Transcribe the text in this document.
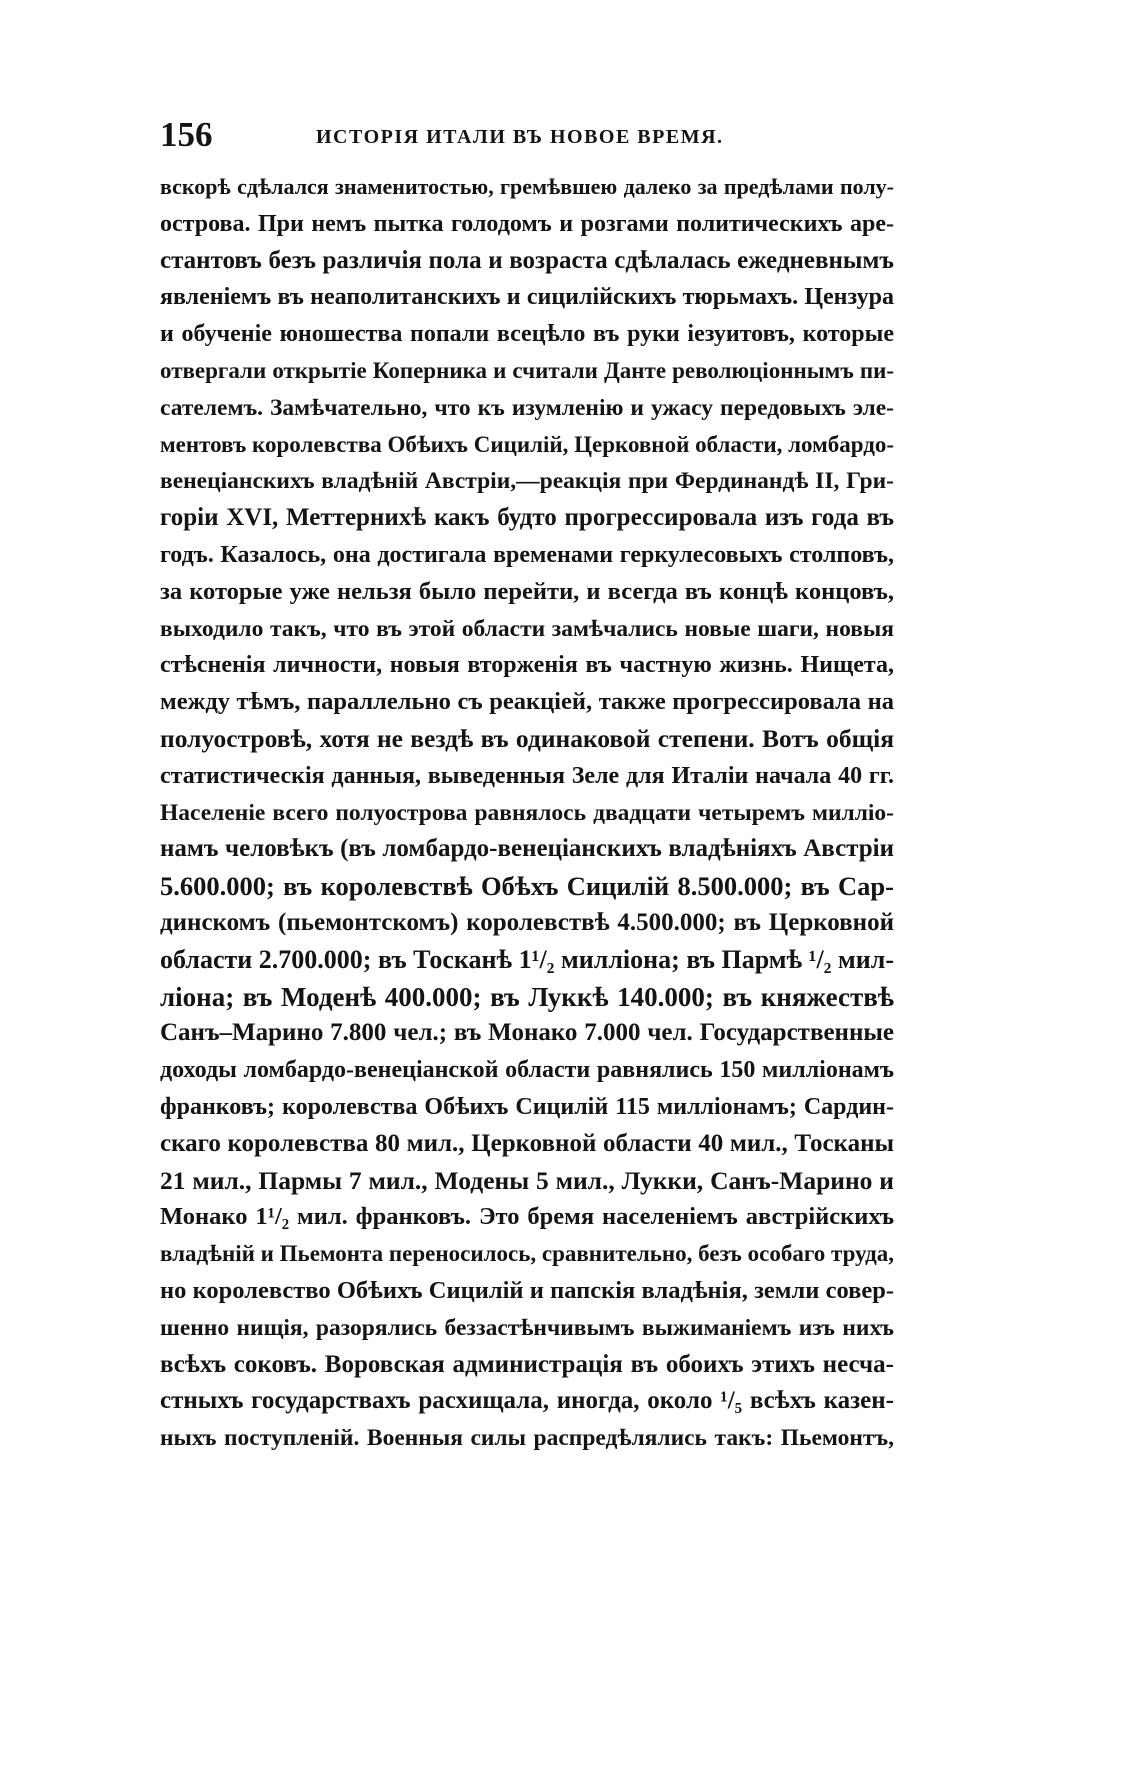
156	ИСТОРІЯ ИТАЛИ ВЪ НОВОЕ ВРЕМЯ.
вскорѣ сдѣлался знаменитостью, гремѣвшею далеко за предѣлами полу-
острова. При немъ пытка голодомъ и розгами политическихъ аре-
стантовъ безъ различія пола и возраста сдѣлалась ежедневнымъ
явленіемъ въ неаполитанскихъ и сицилійскихъ тюрьмахъ. Цензура
и обученіе юношества попали всецѣло въ руки іезуитовъ, которые
отвергали открытіе Коперника и считали Данте революціоннымъ пи-
сателемъ. Замѣчательно, что къ изумленію и ужасу передовыхъ эле-
ментовъ королевства Обѣихъ Сицилій, Церковной области, ломбардо-
венеціанскихъ владѣній Австріи,—реакція при Фердинандѣ II, Гри-
горіи XVI, Меттернихѣ какъ будто прогрессировала изъ года въ
годъ. Казалось, она достигала временами геркулесовыхъ столповъ,
за которые уже нельзя было перейти, и всегда въ концѣ концовъ,
выходило такъ, что въ этой области замѣчались новые шаги, новыя
стѣсненія личности, новыя вторженія въ частную жизнь. Нищета,
между тѣмъ, параллельно съ реакціей, также прогрессировала на
полуостровѣ, хотя не вездѣ въ одинаковой степени. Вотъ общія
статистическія данныя, выведенныя Зеле для Италіи начала 40 гг.
Населеніе всего полуострова равнялось двадцати четыремъ милліо-
намъ человѣкъ (въ ломбардо-венеціанскихъ владѣніяхъ Австріи
5.600.000; въ королевствѣ Обѣхъ Сицилій 8.500.000; въ Сар-
динскомъ (пьемонтскомъ) королевствѣ 4.500.000; въ Церковной
области 2.700.000; въ Тосканѣ 1¹/₂ милліона; въ Пармѣ ¹/₂ мил-
ліона; въ Моденѣ 400.000; въ Луккѣ 140.000; въ княжествѣ
Санъ–Марино 7.800 чел.; въ Монако 7.000 чел. Государственные
доходы ломбардо-венеціанской области равнялись 150 милліонамъ
франковъ; королевства Обѣихъ Сицилій 115 милліонамъ; Сардин-
скаго королевства 80 мил., Церковной области 40 мил., Тосканы
21 мил., Пармы 7 мил., Модены 5 мил., Лукки, Санъ-Марино и
Монако 1¹/₂ мил. франковъ. Это бремя населеніемъ австрійскихъ
владѣній и Пьемонта переносилось, сравнительно, безъ особаго труда,
но королевство Обѣихъ Сицилій и папскія владѣнія, земли совер-
шенно нищія, разорялись беззастѣнчивымъ выжиманіемъ изъ нихъ
всѣхъ соковъ. Воровская администрація въ обоихъ этихъ несча-
стныхъ государствахъ расхищала, иногда, около ¹/₅ всѣхъ казен-
ныхъ поступленій. Военныя силы распредѣлялись такъ: Пьемонтъ,
